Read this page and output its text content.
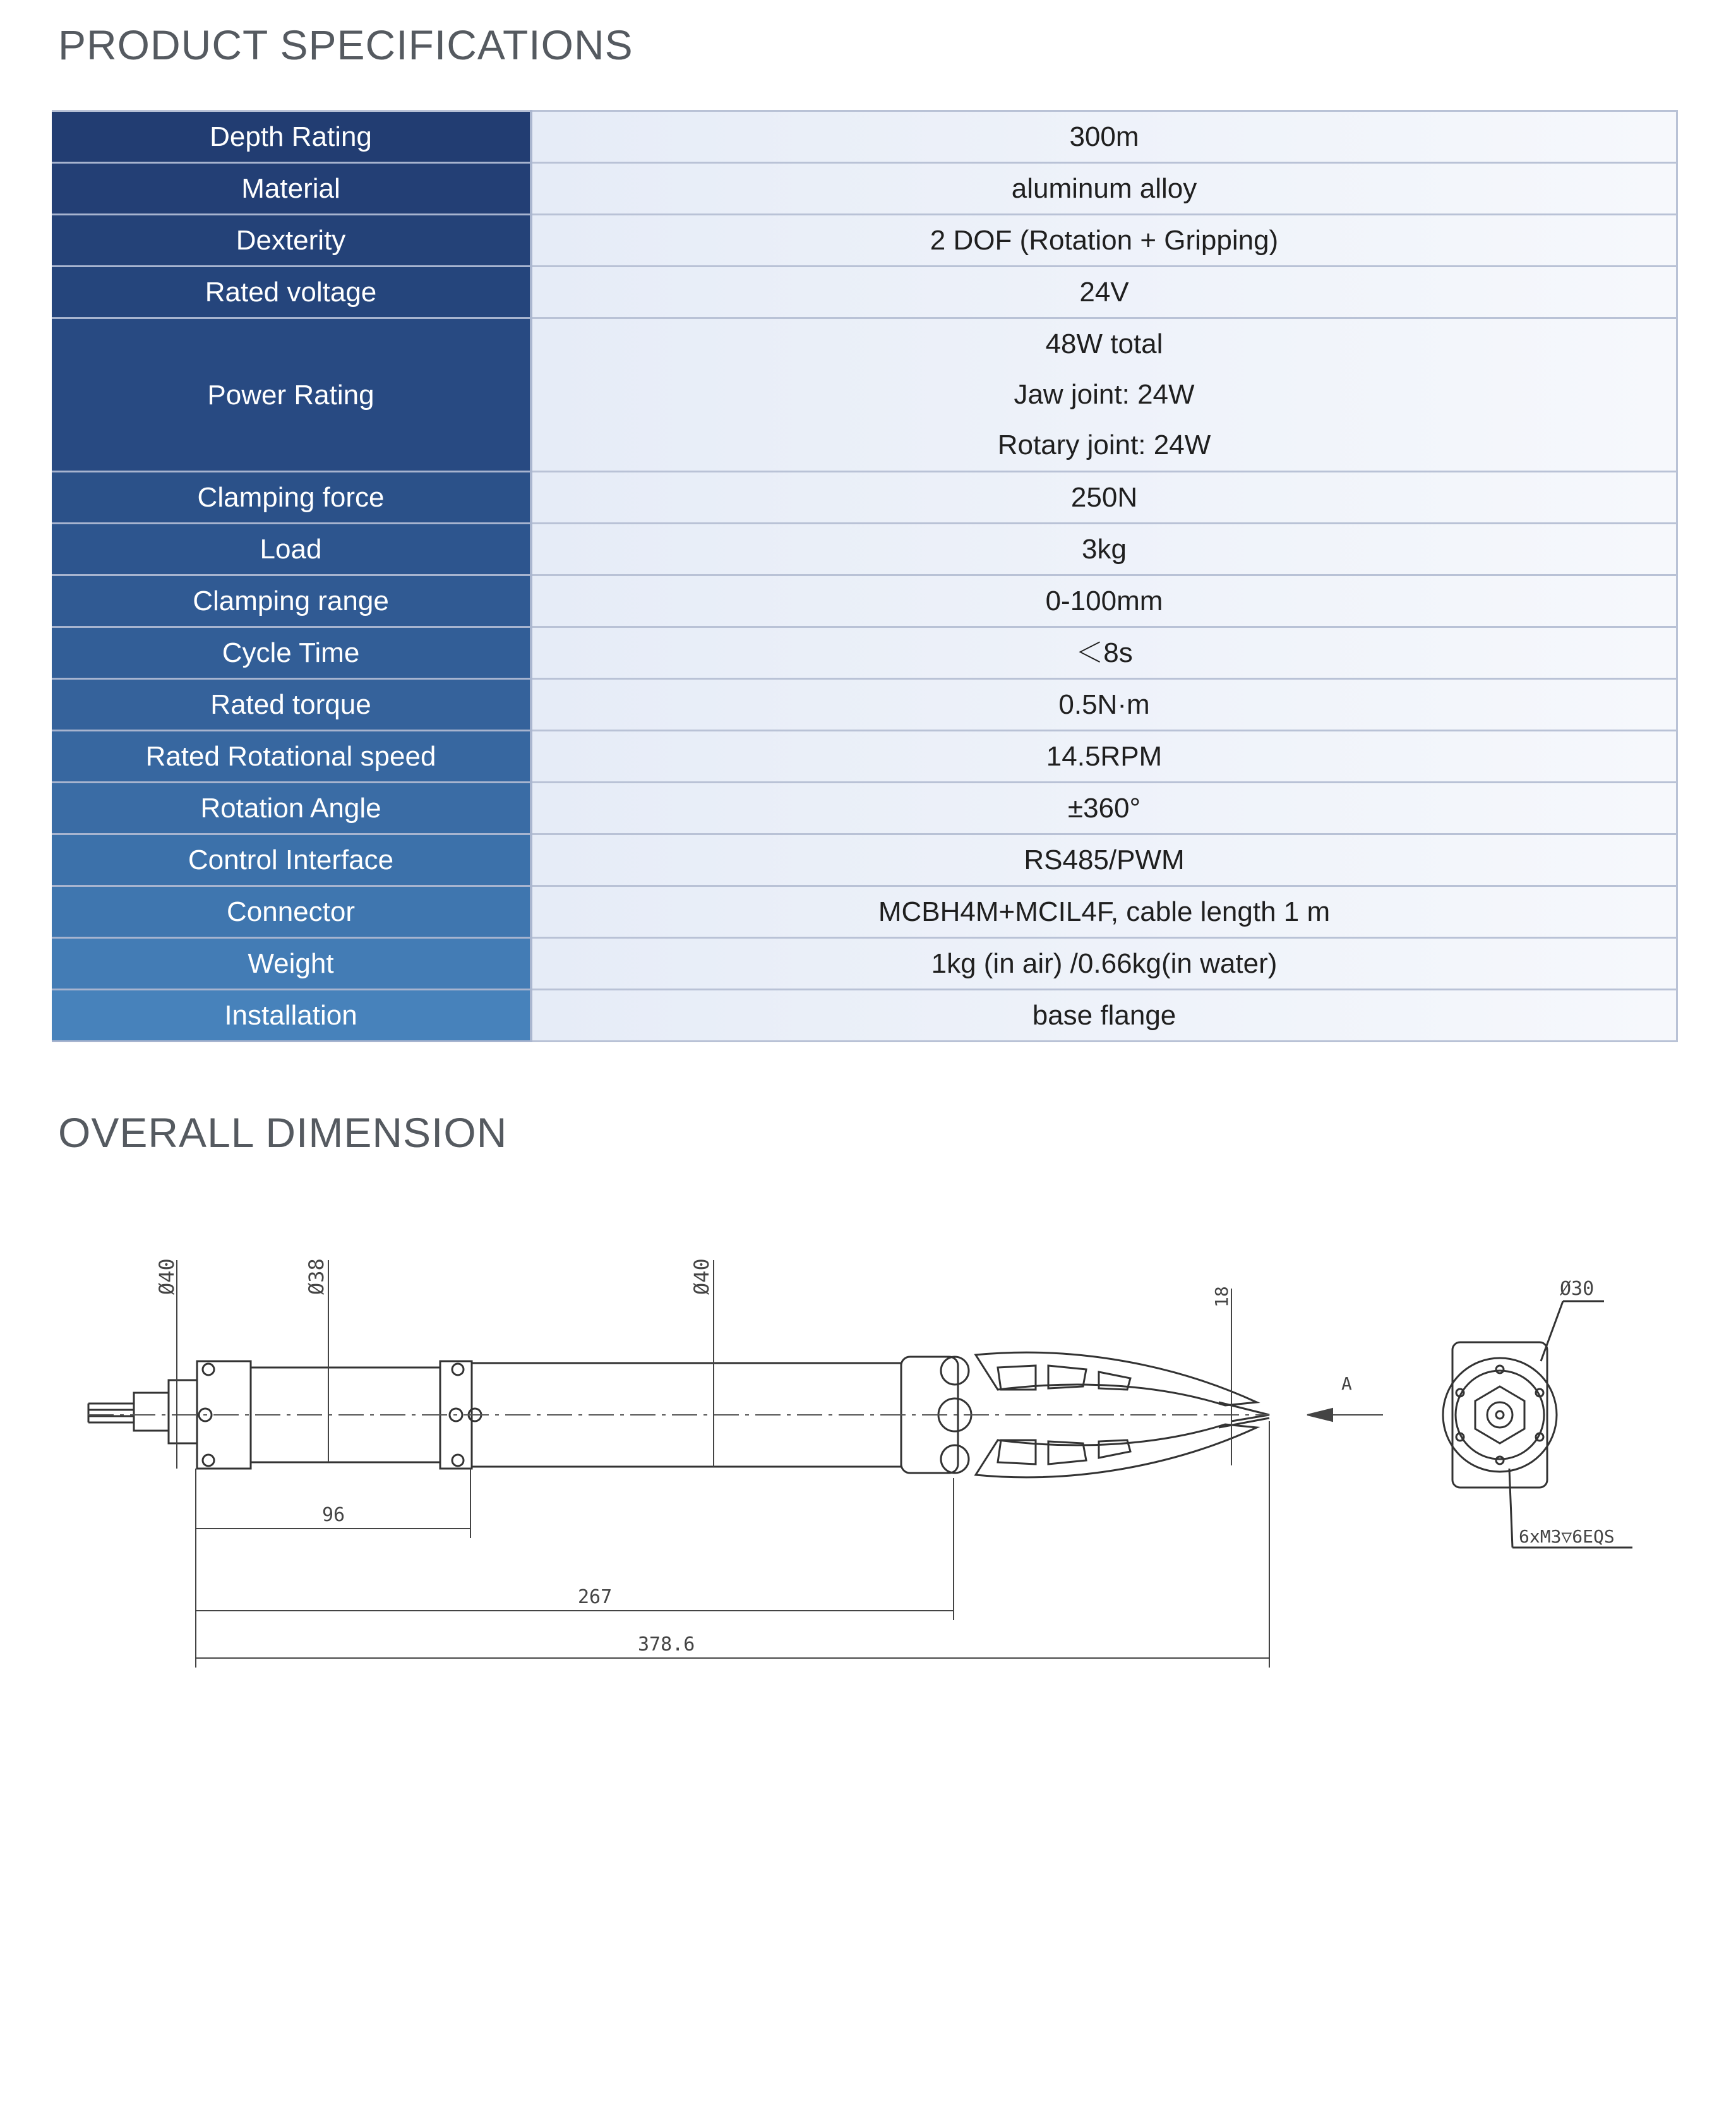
PRODUCT SPECIFICATIONS
Depth Rating	300m
Material	aluminum alloy
Dexterity	2 DOF (Rotation + Gripping)
Rated voltage	24V
Power Rating	48W total
Jaw joint: 24W
Rotary joint: 24W

Clamping force	250N
Load	3kg
Clamping range	0-100mm
Cycle Time	＜8s
Rated torque	0.5N·m
Rated Rotational speed	14.5RPM
Rotation Angle	±360°
Control Interface	RS485/PWM
Connector	MCBH4M+MCIL4F, cable length 1 m
Weight	1kg (in air) /0.66kg(in water)
Installation	base flange
OVERALL DIMENSION
Ø40	Ø38	Ø40
18
96
267
378.6
A
Ø30
6xM3▽6EQS
